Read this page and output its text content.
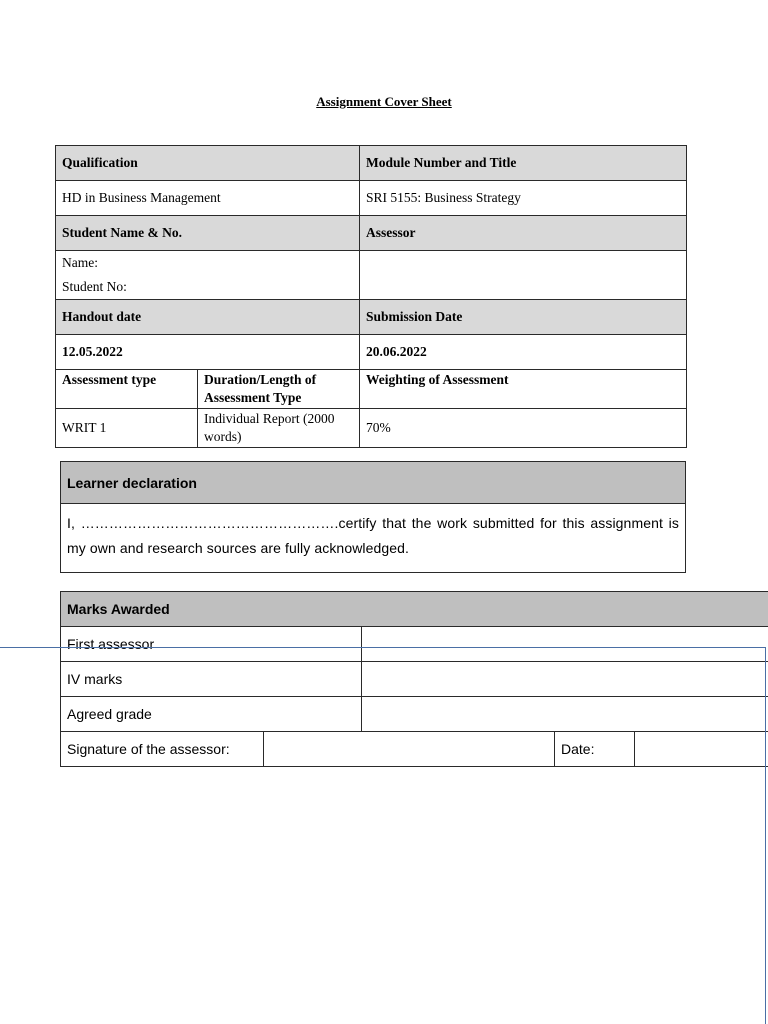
Assignment Cover Sheet
Qualification		Module Number and Title
HD in Business Management		SRI 5155: Business Strategy
Student Name & No.		Assessor

Name:
Student No:		

Handout date		Submission Date
12.05.2022		20.06.2022
Assessment type	Duration/Length of Assessment Type	Weighting of Assessment
WRIT 1	Individual Report (2000 words)	70%
Learner declaration
I, ……………………………………………….certify that the work submitted for this assignment is my own and research sources are fully acknowledged.
Marks Awarded				
First assessor				
IV marks				
Agreed grade				
Signature of the assessor:			Date:	
